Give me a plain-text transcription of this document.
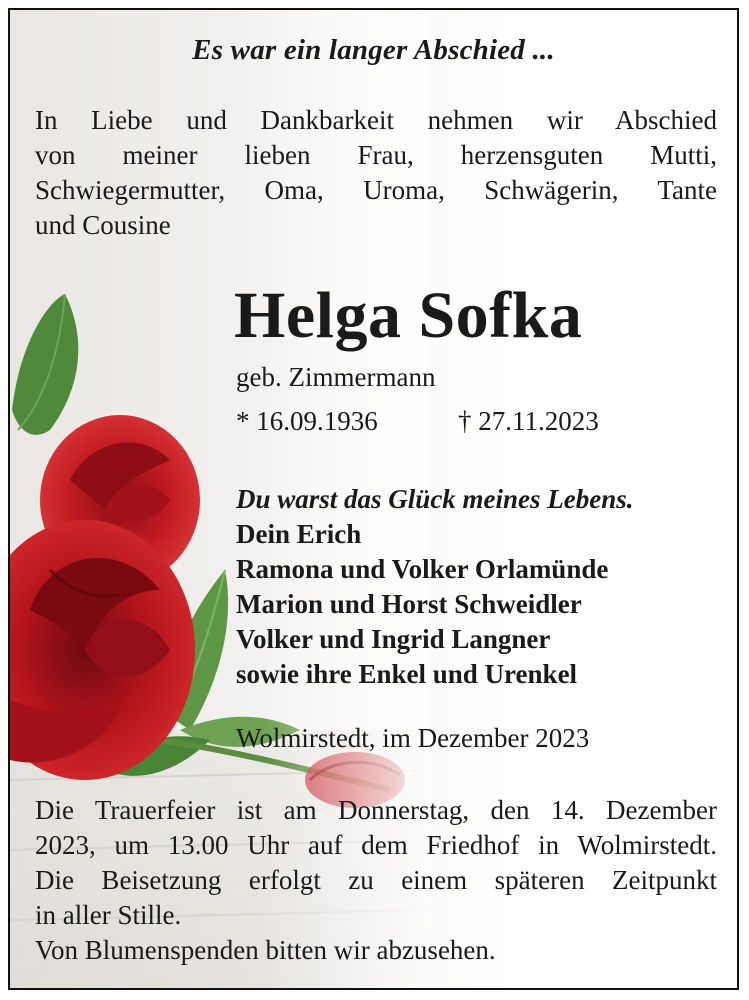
Es war ein langer Abschied ...
In Liebe und Dankbarkeit nehmen wir Abschied
von meiner lieben Frau, herzensguten Mutti,
Schwiegermutter, Oma, Uroma, Schwägerin, Tante
und Cousine
Helga Sofka
geb. Zimmermann
* 16.09.1936	† 27.11.2023
Du warst das Glück meines Lebens.
Dein Erich
Ramona und Volker Orlamünde
Marion und Horst Schweidler
Volker und Ingrid Langner
sowie ihre Enkel und Urenkel
Wolmirstedt, im Dezember 2023
Die Trauerfeier ist am Donnerstag, den 14. Dezember
2023, um 13.00 Uhr auf dem Friedhof in Wolmirstedt.
Die Beisetzung erfolgt zu einem späteren Zeitpunkt
in aller Stille.
Von Blumenspenden bitten wir abzusehen.
